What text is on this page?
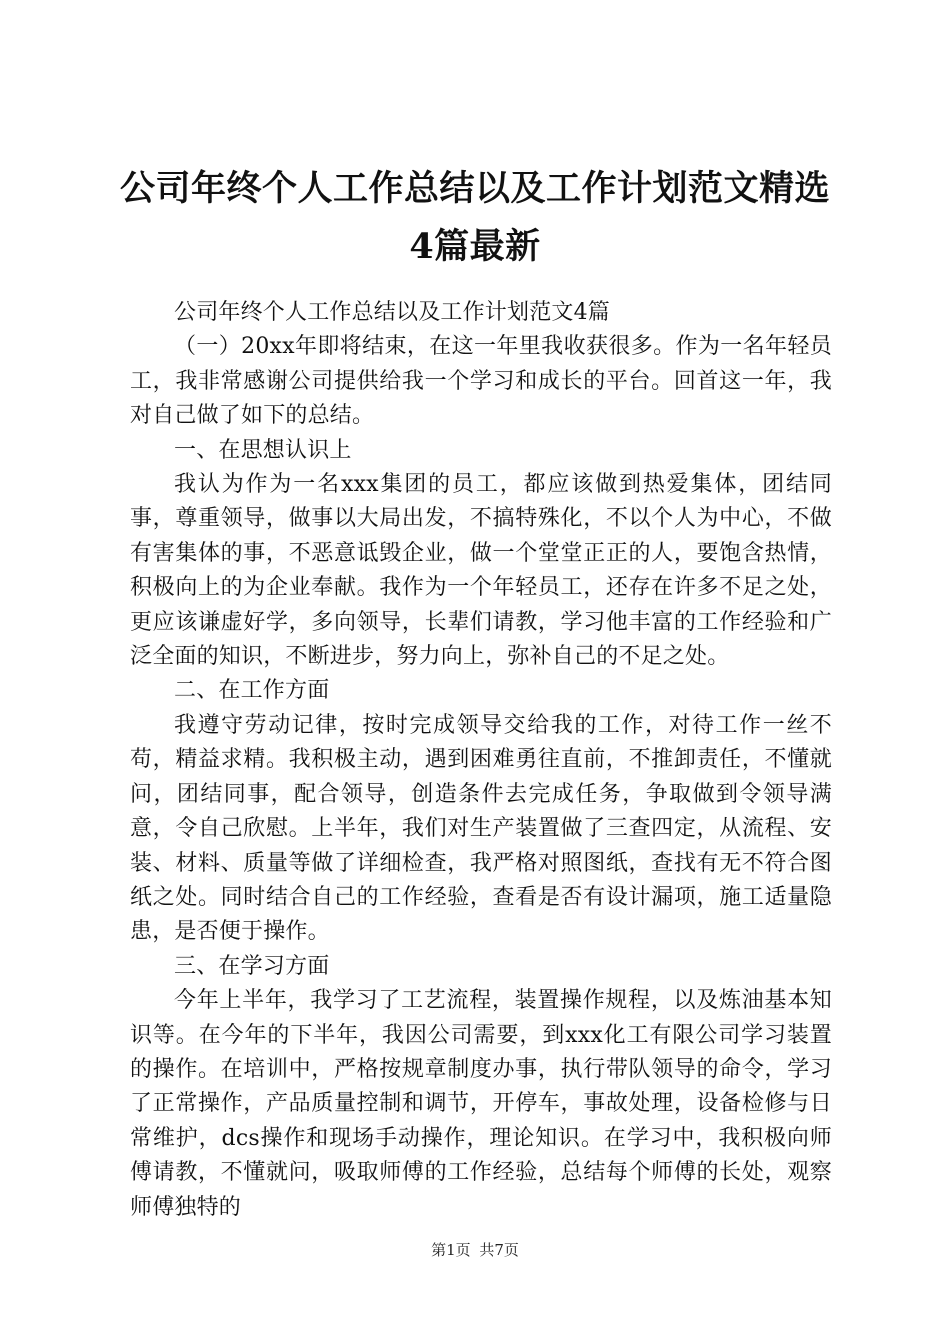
公司年终个人工作总结以及工作计划范文精选
4篇最新

公司年终个人工作总结以及工作计划范文4篇

（一）20xx年即将结束，在这一年里我收获很多。作为一名年轻员工，我非常感谢公司提供给我一个学习和成长的平台。回首这一年，我对自己做了如下的总结。

一、在思想认识上

我认为作为一名xxx集团的员工，都应该做到热爱集体，团结同事，尊重领导，做事以大局出发，不搞特殊化，不以个人为中心，不做有害集体的事，不恶意诋毁企业，做一个堂堂正正的人，要饱含热情，积极向上的为企业奉献。我作为一个年轻员工，还存在许多不足之处，更应该谦虚好学，多向领导，长辈们请教，学习他丰富的工作经验和广泛全面的知识，不断进步，努力向上，弥补自己的不足之处。

二、在工作方面

我遵守劳动记律，按时完成领导交给我的工作，对待工作一丝不苟，精益求精。我积极主动，遇到困难勇往直前，不推卸责任，不懂就问，团结同事，配合领导，创造条件去完成任务，争取做到令领导满意，令自己欣慰。上半年，我们对生产装置做了三查四定，从流程、安装、材料、质量等做了详细检查，我严格对照图纸，查找有无不符合图纸之处。同时结合自己的工作经验，查看是否有设计漏项，施工适量隐患，是否便于操作。

三、在学习方面

今年上半年，我学习了工艺流程，装置操作规程，以及炼油基本知识等。在今年的下半年，我因公司需要，到xxx化工有限公司学习装置的操作。在培训中，严格按规章制度办事，执行带队领导的命令，学习了正常操作，产品质量控制和调节，开停车，事故处理，设备检修与日常维护，dcs操作和现场手动操作，理论知识。在学习中，我积极向师傅请教，不懂就问，吸取师傅的工作经验，总结每个师傅的长处，观察师傅独特的

第1页 共7页
